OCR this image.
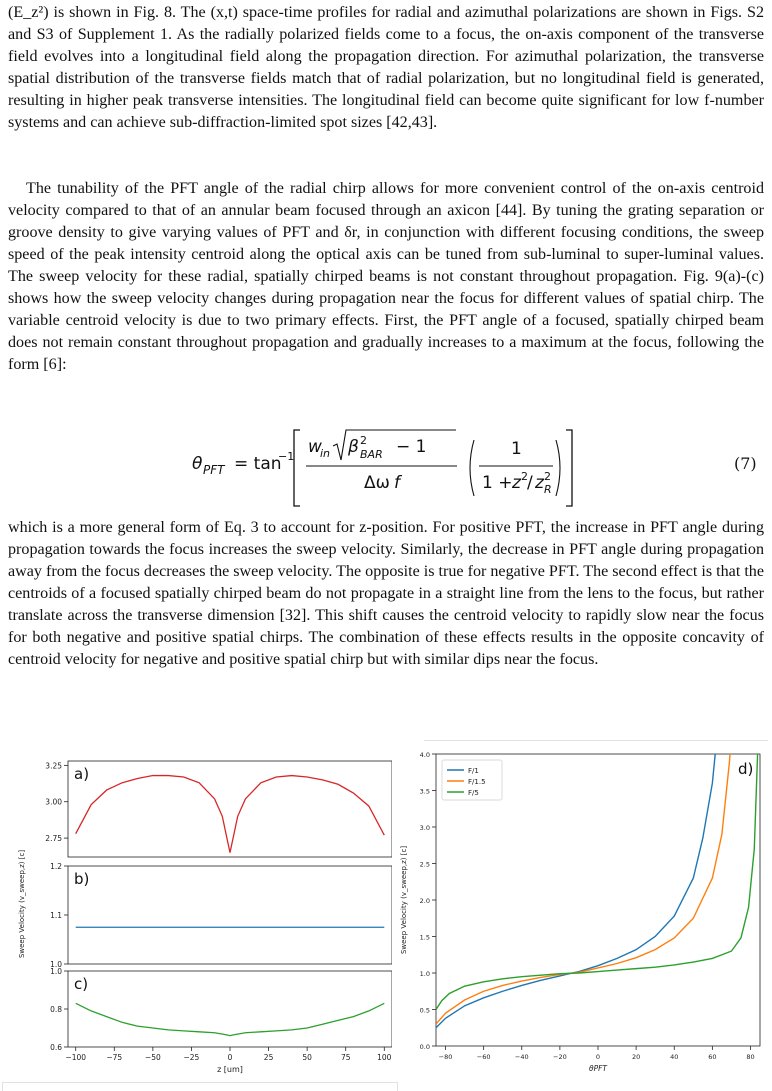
(E_z²) is shown in Fig. 8. The (x,t) space-time profiles for radial and azimuthal polarizations are shown in Figs. S2 and S3 of Supplement 1. As the radially polarized fields come to a focus, the on-axis component of the transverse field evolves into a longitudinal field along the propagation direction. For azimuthal polarization, the transverse spatial distribution of the transverse fields match that of radial polarization, but no longitudinal field is generated, resulting in higher peak transverse intensities. The longitudinal field can become quite significant for low f-number systems and can achieve sub-diffraction-limited spot sizes [42,43].

The tunability of the PFT angle of the radial chirp allows for more convenient control of the on-axis centroid velocity compared to that of an annular beam focused through an axicon [44]. By tuning the grating separation or groove density to give varying values of PFT and δr, in conjunction with different focusing conditions, the sweep speed of the peak intensity centroid along the optical axis can be tuned from sub-luminal to super-luminal values. The sweep velocity for these radial, spatially chirped beams is not constant throughout propagation. Fig. 9(a)-(c) shows how the sweep velocity changes during propagation near the focus for different values of spatial chirp. The variable centroid velocity is due to two primary effects. First, the PFT angle of a focused, spatially chirped beam does not remain constant throughout propagation and gradually increases to a maximum at the focus, following the form [6]:

θ PFT = tan
−1 w
in β 2
BAR − 1
Δω f
1
1 + z 2 / z 2
R
(7)

which is a more general form of Eq. 3 to account for z-position. For positive PFT, the increase in PFT angle during propagation towards the focus increases the sweep velocity. Similarly, the decrease in PFT angle during propagation away from the focus decreases the sweep velocity. The opposite is true for negative PFT. The second effect is that the centroids of a focused spatially chirped beam do not propagate in a straight line from the lens to the focus, but rather translate across the transverse dimension [32]. This shift causes the centroid velocity to rapidly slow near the focus for both negative and positive spatial chirps. The combination of these effects results in the opposite concavity of centroid velocity for negative and positive spatial chirp but with similar dips near the focus.

3.25
3.00
2.75
a)
1.2
1.1
1.0
b)
1.0
0.8
0.6
c)
−100	−75	−50	−25	0	25	50	75	100
z [um]
Sweep Velocity (v_sweep,z) [c]
0.0
0.5
1.0
1.5
2.0
2.5
3.0
3.5
4.0
−80	−60	−40	−20	0	20	40	60	80
θPFT
Sweep Velocity (v_sweep,z) [c]
F/1
F/1.5
F/5
d)
